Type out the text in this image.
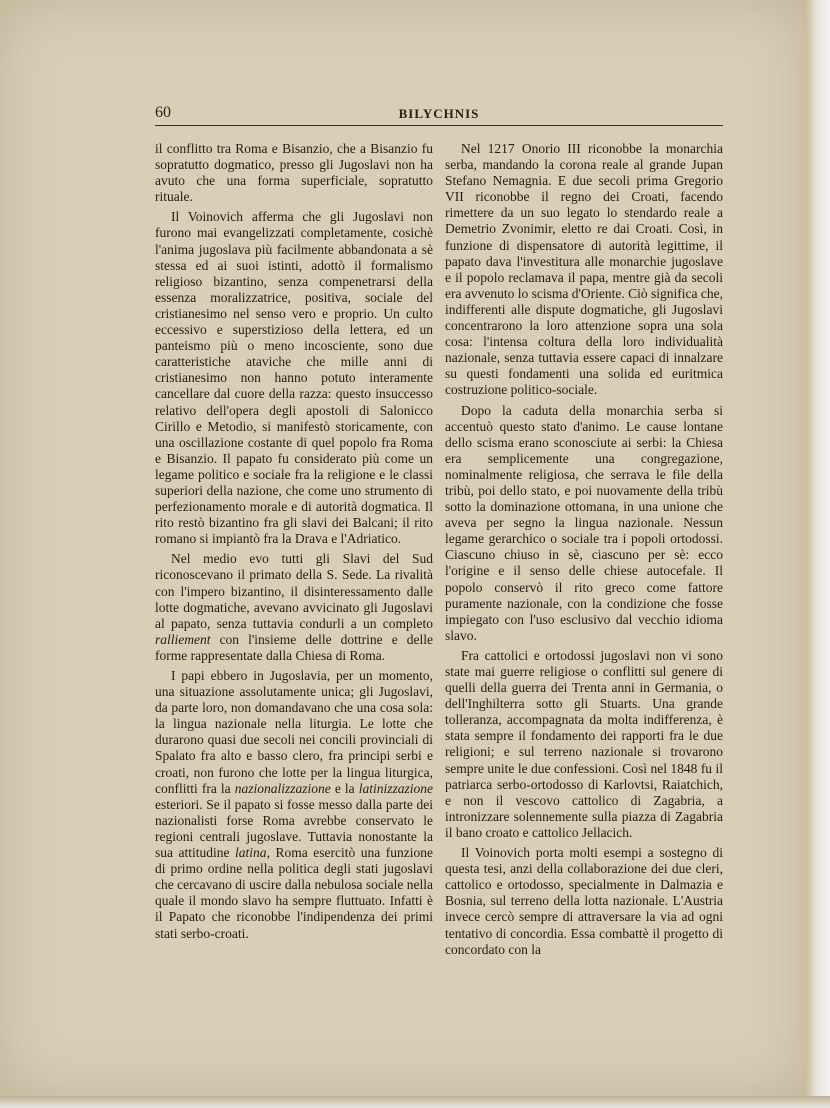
60	BILYCHNIS

il conflitto tra Roma e Bisanzio, che a Bisanzio fu sopratutto dogmatico, presso gli Jugoslavi non ha avuto che una forma superficiale, sopratutto rituale.

Il Voinovich afferma che gli Jugoslavi non furono mai evangelizzati completamente, cosichè l'anima jugoslava più facilmente abbandonata a sè stessa ed ai suoi istinti, adottò il formalismo religioso bizantino, senza compenetrarsi della essenza moralizzatrice, positiva, sociale del cristianesimo nel senso vero e proprio. Un culto eccessivo e superstizioso della lettera, ed un panteismo più o meno incosciente, sono due caratteristiche ataviche che mille anni di cristianesimo non hanno potuto interamente cancellare dal cuore della razza: questo insuccesso relativo dell'opera degli apostoli di Salonicco Cirillo e Metodio, si manifestò storicamente, con una oscillazione costante di quel popolo fra Roma e Bisanzio. Il papato fu considerato più come un legame politico e sociale fra la religione e le classi superiori della nazione, che come uno strumento di perfezionamento morale e di autorità dogmatica. Il rito restò bizantino fra gli slavi dei Balcani; il rito romano si impiantò fra la Drava e l'Adriatico.

Nel medio evo tutti gli Slavi del Sud riconoscevano il primato della S. Sede. La rivalità con l'impero bizantino, il disinteressamento dalle lotte dogmatiche, avevano avvicinato gli Jugoslavi al papato, senza tuttavia condurli a un completo ralliement con l'insieme delle dottrine e delle forme rappresentate dalla Chiesa di Roma.

I papi ebbero in Jugoslavia, per un momento, una situazione assolutamente unica; gli Jugoslavi, da parte loro, non domandavano che una cosa sola: la lingua nazionale nella liturgia. Le lotte che durarono quasi due secoli nei concili provinciali di Spalato fra alto e basso clero, fra principi serbi e croati, non furono che lotte per la lingua liturgica, conflitti fra la nazionalizzazione e la latinizzazione esteriori. Se il papato si fosse messo dalla parte dei nazionalisti forse Roma avrebbe conservato le regioni centrali jugoslave. Tuttavia nonostante la sua attitudine latina, Roma esercitò una funzione di primo ordine nella politica degli stati jugoslavi che cercavano di uscire dalla nebulosa sociale nella quale il mondo slavo ha sempre fluttuato. Infatti è il Papato che riconobbe l'indipendenza dei primi stati serbo-croati.

Nel 1217 Onorio III riconobbe la monarchia serba, mandando la corona reale al grande Jupan Stefano Nemagnia. E due secoli prima Gregorio VII riconobbe il regno dei Croati, facendo rimettere da un suo legato lo stendardo reale a Demetrio Zvonimir, eletto re dai Croati. Così, in funzione di dispensatore di autorità legittime, il papato dava l'investitura alle monarchie jugoslave e il popolo reclamava il papa, mentre già da secoli era avvenuto lo scisma d'Oriente. Ciò significa che, indifferenti alle dispute dogmatiche, gli Jugoslavi concentrarono la loro attenzione sopra una sola cosa: l'intensa coltura della loro individualità nazionale, senza tuttavia essere capaci di innalzare su questi fondamenti una solida ed euritmica costruzione politico-sociale.

Dopo la caduta della monarchia serba si accentuò questo stato d'animo. Le cause lontane dello scisma erano sconosciute ai serbi: la Chiesa era semplicemente una congregazione, nominalmente religiosa, che serrava le file della tribù, poi dello stato, e poi nuovamente della tribù sotto la dominazione ottomana, in una unione che aveva per segno la lingua nazionale. Nessun legame gerarchico o sociale tra i popoli ortodossi. Ciascuno chiuso in sè, ciascuno per sè: ecco l'origine e il senso delle chiese autocefale. Il popolo conservò il rito greco come fattore puramente nazionale, con la condizione che fosse impiegato con l'uso esclusivo dal vecchio idioma slavo.

Fra cattolici e ortodossi jugoslavi non vi sono state mai guerre religiose o conflitti sul genere di quelli della guerra dei Trenta anni in Germania, o dell'Inghilterra sotto gli Stuarts. Una grande tolleranza, accompagnata da molta indifferenza, è stata sempre il fondamento dei rapporti fra le due religioni; e sul terreno nazionale si trovarono sempre unite le due confessioni. Così nel 1848 fu il patriarca serbo-ortodosso di Karlovtsi, Raiatchich, e non il vescovo cattolico di Zagabria, a intronizzare solennemente sulla piazza di Zagabria il bano croato e cattolico Jellacich.

Il Voinovich porta molti esempi a sostegno di questa tesi, anzi della collaborazione dei due cleri, cattolico e ortodosso, specialmente in Dalmazia e Bosnia, sul terreno della lotta nazionale. L'Austria invece cercò sempre di attraversare la via ad ogni tentativo di concordia. Essa combattè il progetto di concordato con la
